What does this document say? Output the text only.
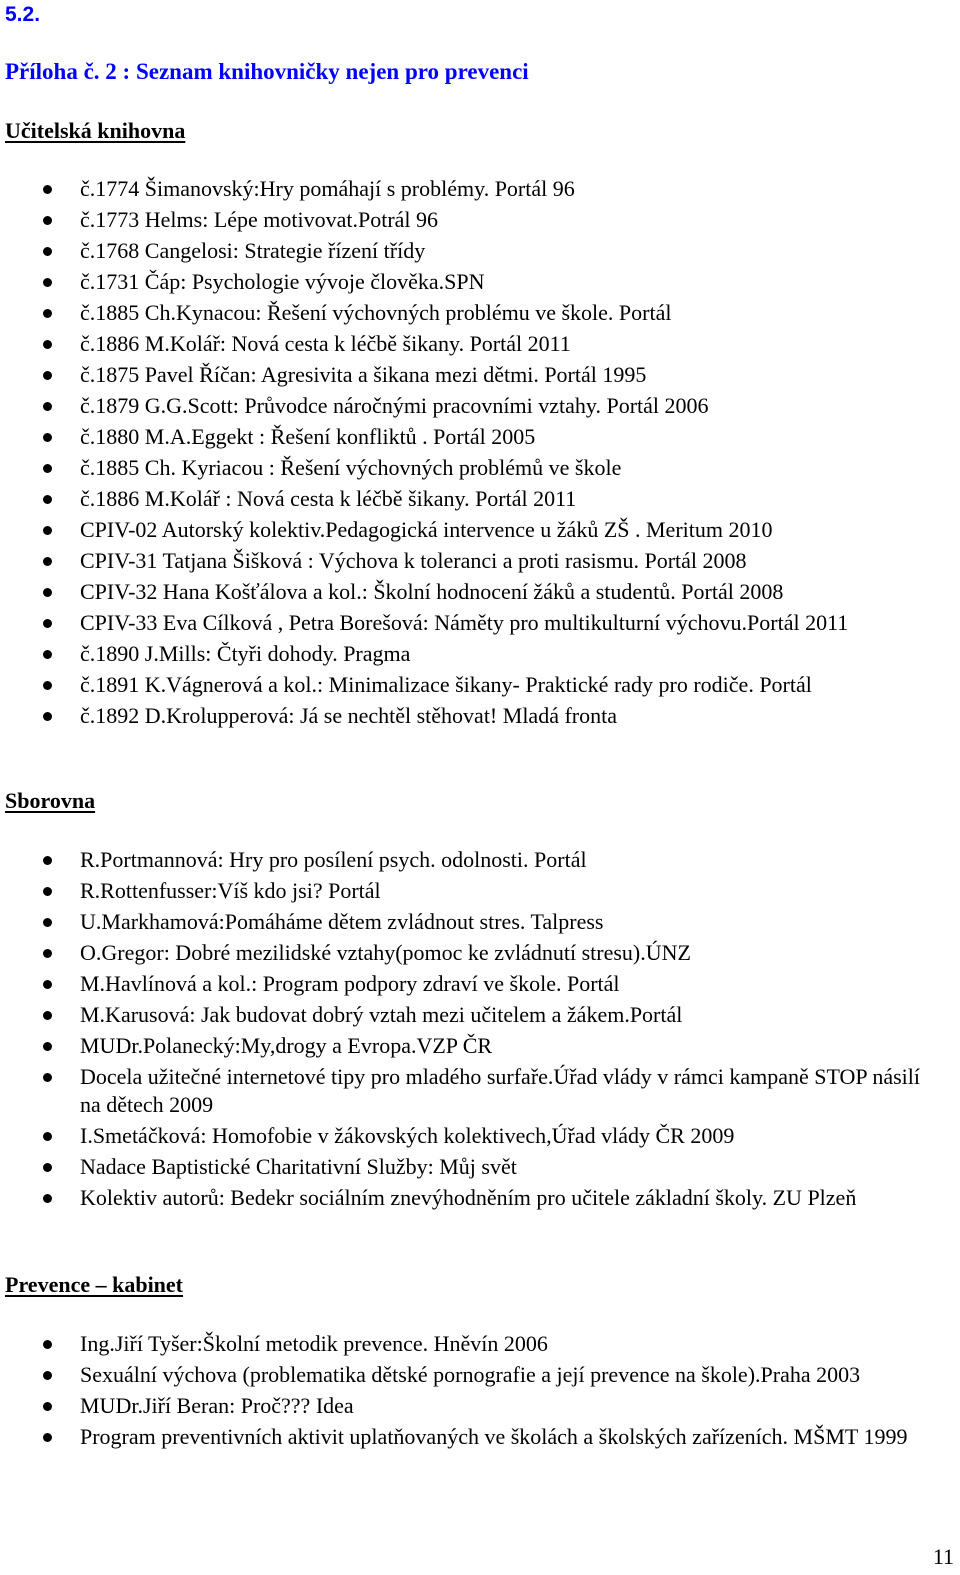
5.2.
Příloha č. 2 : Seznam knihovničky nejen pro prevenci
Učitelská knihovna
č.1774 Šimanovský:Hry pomáhají s problémy. Portál 96
č.1773 Helms: Lépe motivovat.Potrál 96
č.1768 Cangelosi: Strategie řízení třídy
č.1731 Čáp: Psychologie vývoje člověka.SPN
č.1885 Ch.Kynacou: Řešení výchovných problému ve škole. Portál
č.1886 M.Kolář: Nová cesta k léčbě šikany. Portál 2011
č.1875 Pavel Říčan: Agresivita a šikana mezi dětmi. Portál 1995
č.1879 G.G.Scott: Průvodce náročnými pracovními vztahy. Portál 2006
č.1880 M.A.Eggekt : Řešení konfliktů . Portál 2005
č.1885 Ch. Kyriacou : Řešení výchovných problémů ve škole
č.1886 M.Kolář : Nová cesta k léčbě šikany. Portál 2011
CPIV-02 Autorský kolektiv.Pedagogická intervence u žáků ZŠ . Meritum 2010
CPIV-31 Tatjana Šišková : Výchova k toleranci a proti rasismu. Portál 2008
CPIV-32 Hana Košťálova a kol.: Školní hodnocení žáků a studentů. Portál 2008
CPIV-33 Eva Cílková , Petra Borešová: Náměty pro multikulturní výchovu.Portál 2011
č.1890 J.Mills: Čtyři dohody. Pragma
č.1891 K.Vágnerová a kol.: Minimalizace šikany- Praktické rady pro rodiče. Portál
č.1892 D.Krolupperová: Já se nechtěl stěhovat! Mladá fronta
Sborovna
R.Portmannová: Hry pro posílení psych. odolnosti. Portál
R.Rottenfusser:Víš kdo jsi? Portál
U.Markhamová:Pomáháme dětem zvládnout stres. Talpress
O.Gregor: Dobré mezilidské vztahy(pomoc ke zvládnutí stresu).ÚNZ
M.Havlínová a kol.: Program podpory zdraví ve škole. Portál
M.Karusová: Jak budovat dobrý vztah mezi učitelem a žákem.Portál
MUDr.Polanecký:My,drogy a Evropa.VZP ČR
Docela užitečné internetové tipy pro mladého surfaře.Úřad vlády v rámci kampaně STOP násilí na dětech 2009
I.Smetáčková: Homofobie v žákovských kolektivech,Úřad vlády ČR 2009
Nadace Baptistické Charitativní Služby: Můj svět
Kolektiv autorů: Bedekr sociálním znevýhodněním pro učitele základní školy. ZU Plzeň
Prevence – kabinet
Ing.Jiří Tyšer:Školní metodik prevence. Hněvín 2006
Sexuální výchova (problematika dětské pornografie a její prevence na škole).Praha 2003
MUDr.Jiří Beran: Proč??? Idea
Program preventivních aktivit uplatňovaných ve školách a školských zařízeních. MŠMT 1999
11
